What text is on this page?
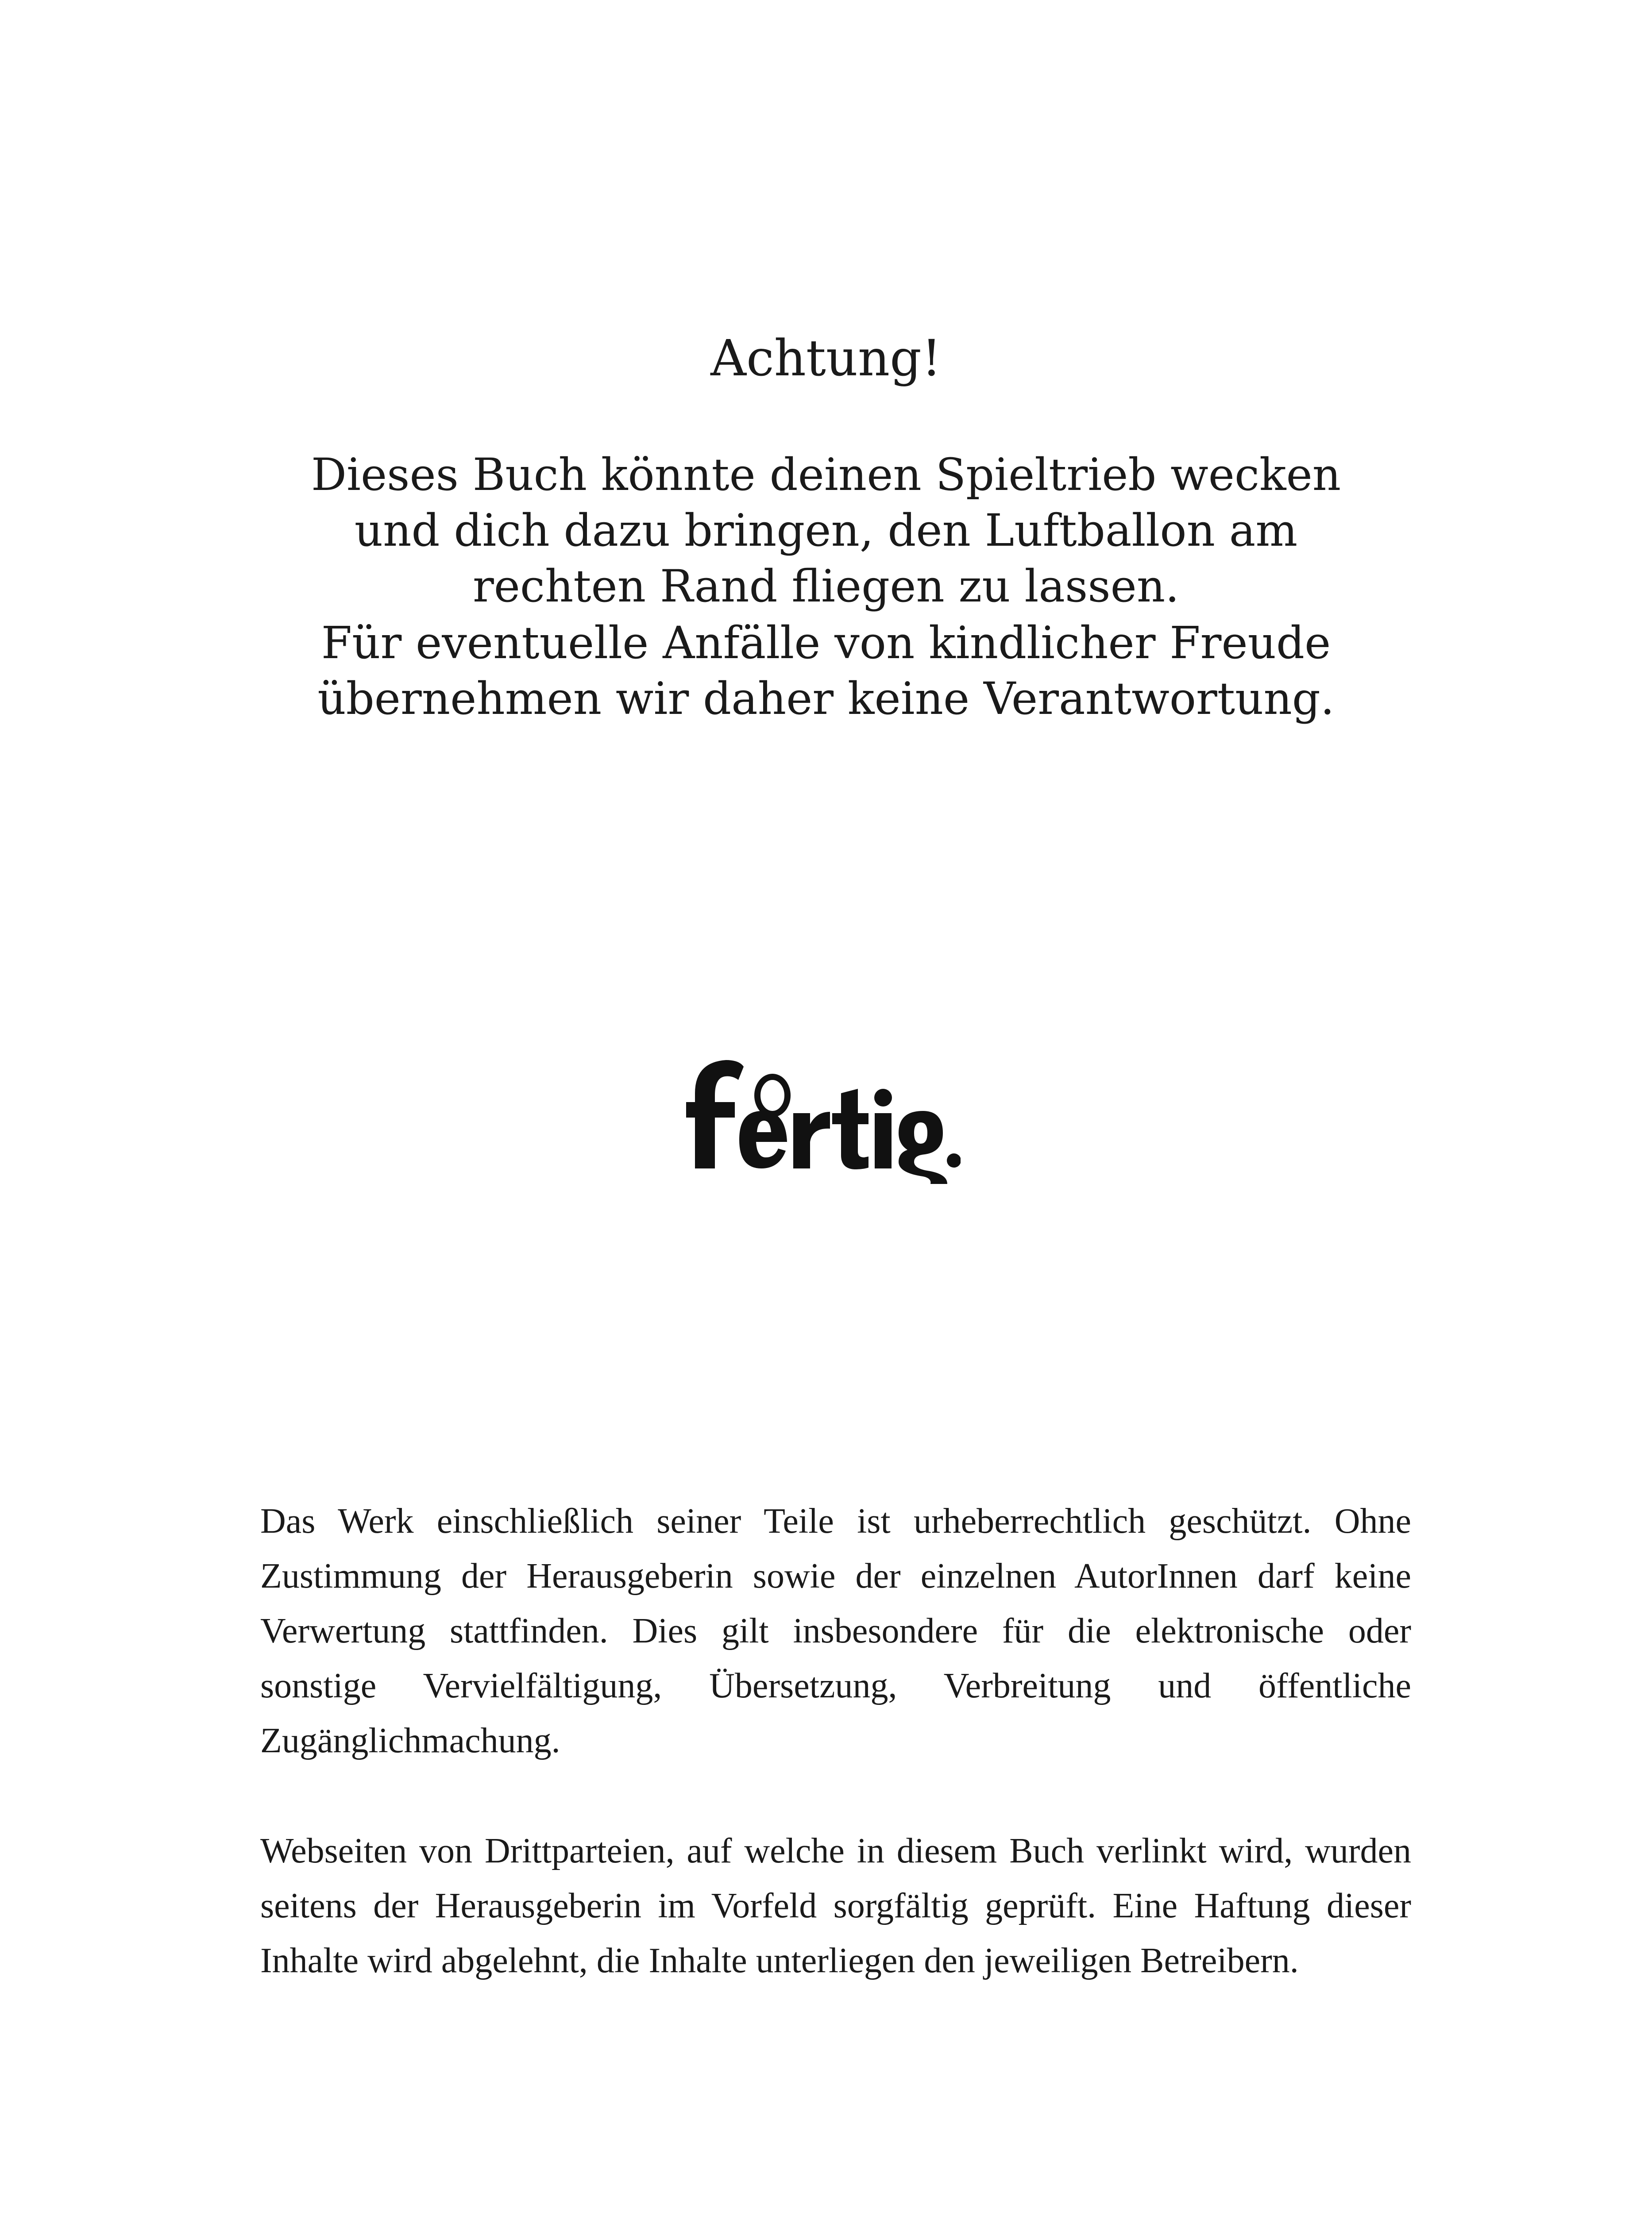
Achtung!

Dieses Buch könnte deinen Spieltrieb wecken und dich dazu bringen, den Luftballon am rechten Rand fliegen zu lassen.

Für eventuelle Anfälle von kindlicher Freude übernehmen wir daher keine Verantwortung.

Das Werk einschließlich seiner Teile ist urheberrechtlich geschützt. Ohne Zustimmung der Herausgeberin sowie der einzelnen AutorInnen darf keine Verwertung stattfinden. Dies gilt insbesondere für die elektronische oder sonstige Vervielfältigung, Übersetzung, Verbreitung und öffentliche Zugänglichmachung.

Webseiten von Drittparteien, auf welche in diesem Buch verlinkt wird, wurden seitens der Herausgeberin im Vorfeld sorgfältig geprüft. Eine Haftung dieser Inhalte wird abgelehnt, die Inhalte unterliegen den jeweiligen Betreibern.
